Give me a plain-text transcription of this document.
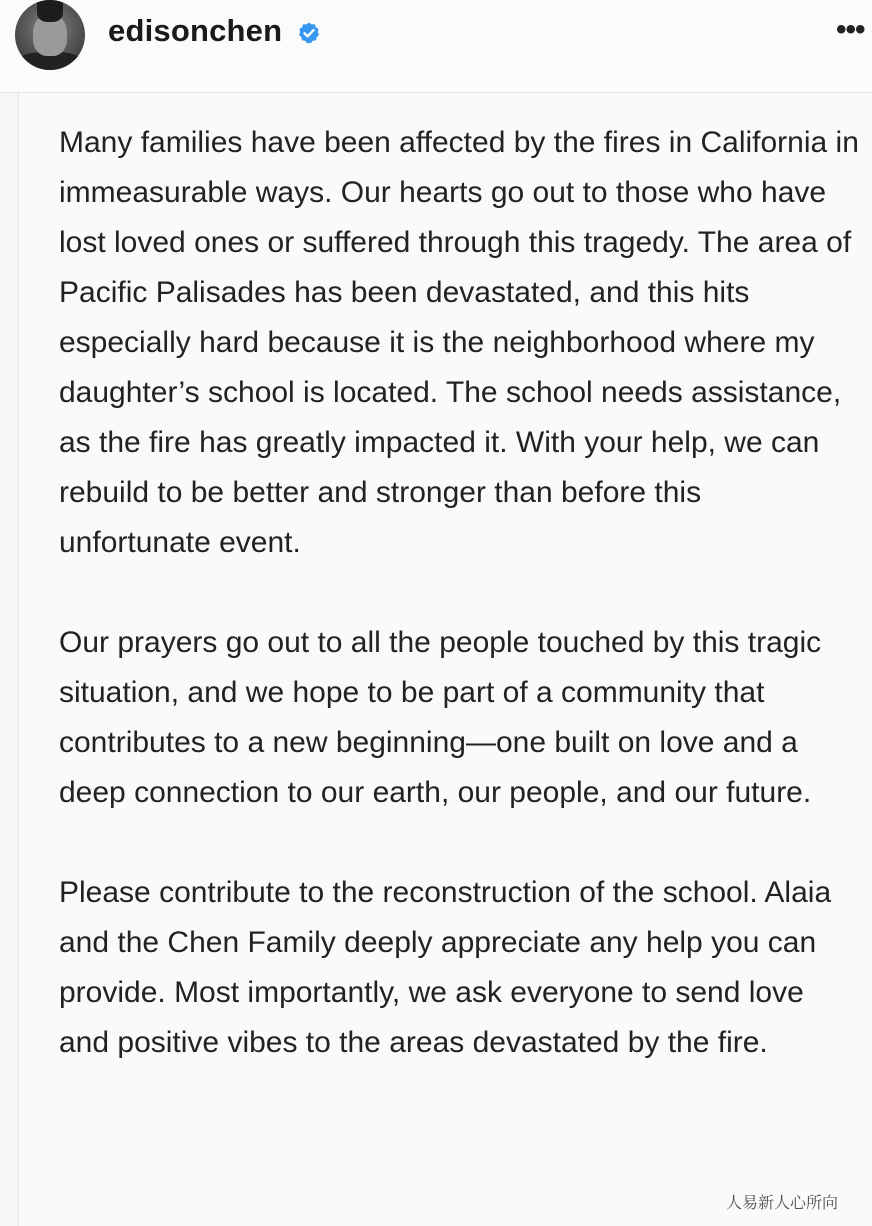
edisonchen	•••

Many families have been affected by the fires in California in immeasurable ways. Our hearts go out to those who have lost loved ones or suffered through this tragedy. The area of Pacific Palisades has been devastated, and this hits especially hard because it is the neighborhood where my daughter’s school is located. The school needs assistance, as the fire has greatly impacted it. With your help, we can rebuild to be better and stronger than before this unfortunate event.

Our prayers go out to all the people touched by this tragic situation, and we hope to be part of a community that contributes to a new beginning—one built on love and a deep connection to our earth, our people, and our future.

Please contribute to the reconstruction of the school. Alaia and the Chen Family deeply appreciate any help you can provide. Most importantly, we ask everyone to send love and positive vibes to the areas devastated by the fire.

人易新人心所向
